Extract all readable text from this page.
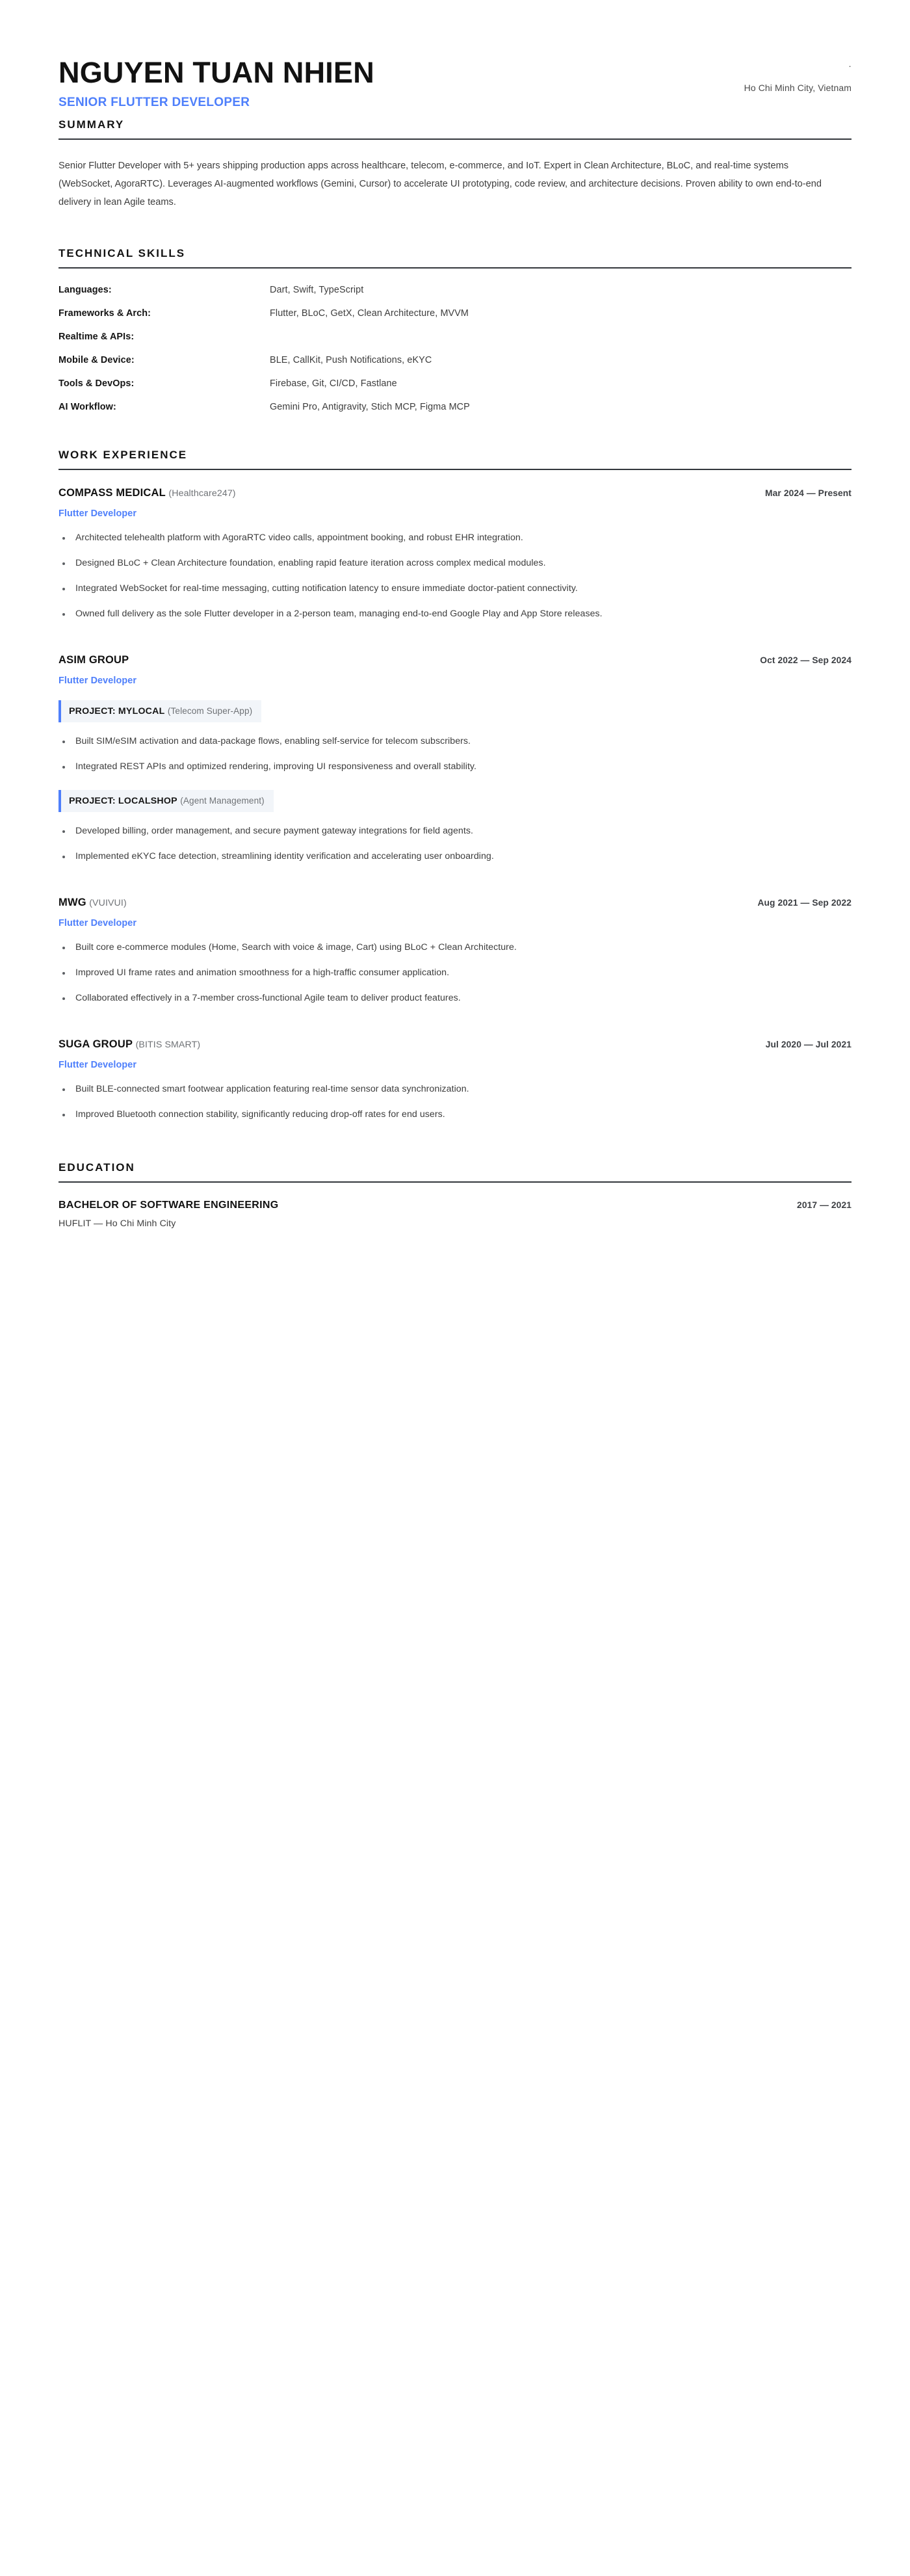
NGUYEN TUAN NHIEN
SENIOR FLUTTER DEVELOPER
·
Ho Chi Minh City, Vietnam
SUMMARY
Senior Flutter Developer with 5+ years shipping production apps across healthcare, telecom, e-commerce, and IoT. Expert in Clean Architecture, BLoC, and real-time systems (WebSocket, AgoraRTC). Leverages AI-augmented workflows (Gemini, Cursor) to accelerate UI prototyping, code review, and architecture decisions. Proven ability to own end-to-end delivery in lean Agile teams.
TECHNICAL SKILLS
Languages:	Dart, Swift, TypeScript
Frameworks & Arch:	Flutter, BLoC, GetX, Clean Architecture, MVVM
Realtime & APIs:
Mobile & Device:	BLE, CallKit, Push Notifications, eKYC
Tools & DevOps:	Firebase, Git, CI/CD, Fastlane
AI Workflow:	Gemini Pro, Antigravity, Stich MCP, Figma MCP
WORK EXPERIENCE
COMPASS MEDICAL (Healthcare247)	Mar 2024 — Present
Flutter Developer
Architected telehealth platform with AgoraRTC video calls, appointment booking, and robust EHR integration.
Designed BLoC + Clean Architecture foundation, enabling rapid feature iteration across complex medical modules.
Integrated WebSocket for real-time messaging, cutting notification latency to ensure immediate doctor-patient connectivity.
Owned full delivery as the sole Flutter developer in a 2-person team, managing end-to-end Google Play and App Store releases.
ASIM GROUP	Oct 2022 — Sep 2024
Flutter Developer
PROJECT: MYLOCAL (Telecom Super-App)
Built SIM/eSIM activation and data-package flows, enabling self-service for telecom subscribers.
Integrated REST APIs and optimized rendering, improving UI responsiveness and overall stability.
PROJECT: LOCALSHOP (Agent Management)
Developed billing, order management, and secure payment gateway integrations for field agents.
Implemented eKYC face detection, streamlining identity verification and accelerating user onboarding.
MWG (VUIVUI)	Aug 2021 — Sep 2022
Flutter Developer
Built core e-commerce modules (Home, Search with voice & image, Cart) using BLoC + Clean Architecture.
Improved UI frame rates and animation smoothness for a high-traffic consumer application.
Collaborated effectively in a 7-member cross-functional Agile team to deliver product features.
SUGA GROUP (BITIS SMART)	Jul 2020 — Jul 2021
Flutter Developer
Built BLE-connected smart footwear application featuring real-time sensor data synchronization.
Improved Bluetooth connection stability, significantly reducing drop-off rates for end users.
EDUCATION
BACHELOR OF SOFTWARE ENGINEERING	2017 — 2021
HUFLIT — Ho Chi Minh City
